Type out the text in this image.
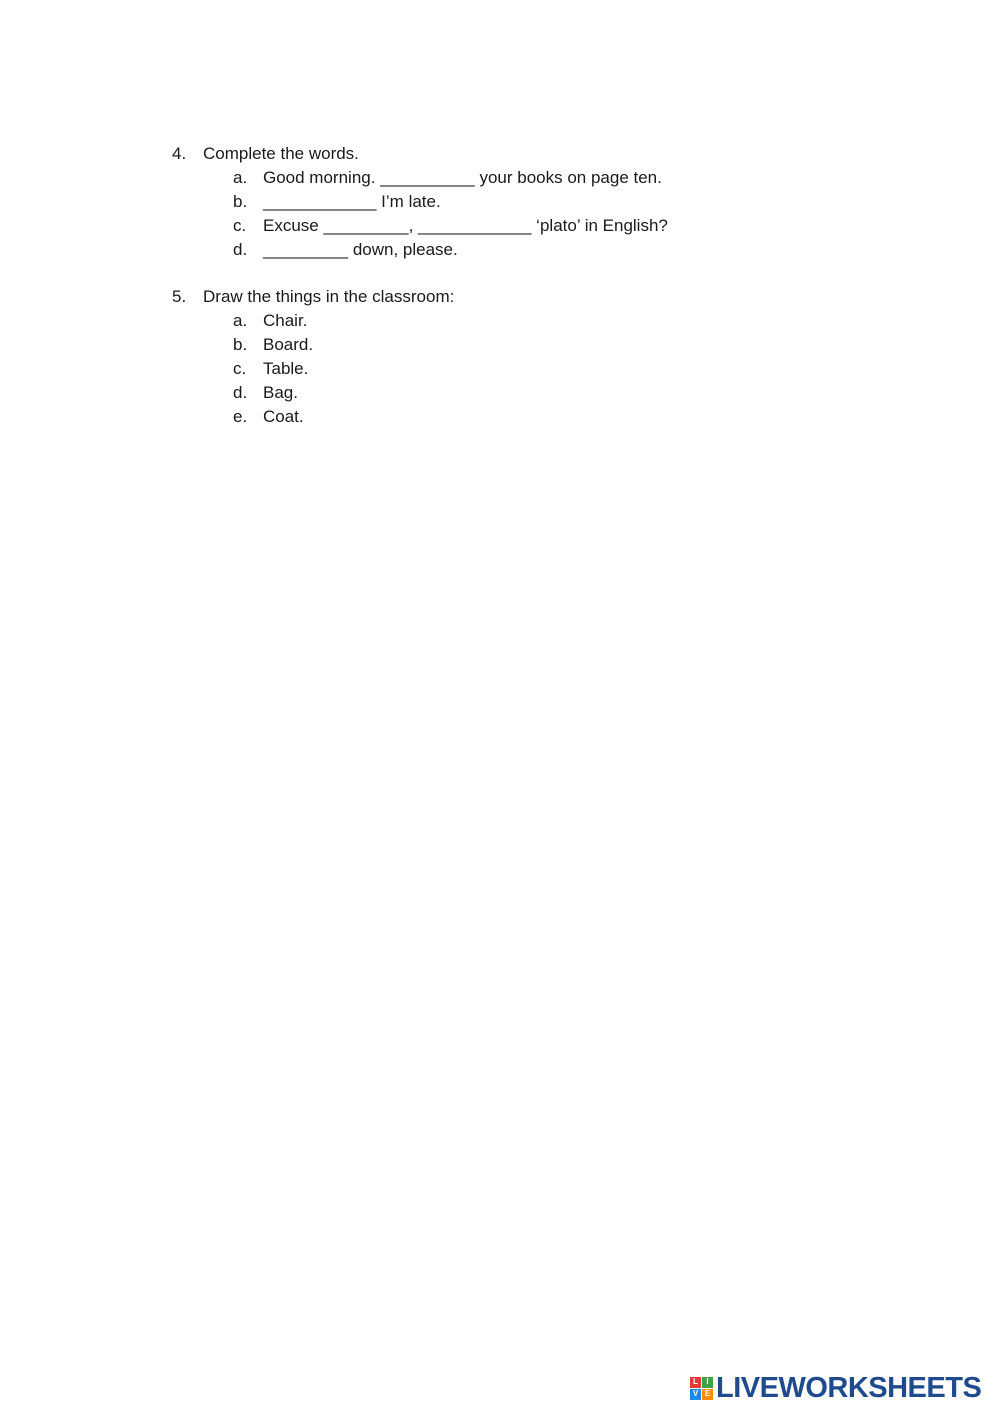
4. Complete the words.
a. Good morning. __________ your books on page ten.
b. ____________ I’m late.
c. Excuse _________, ____________ ‘plato’ in English?
d. _________ down, please.
5. Draw the things in the classroom:
a. Chair.
b. Board.
c. Table.
d. Bag.
e. Coat.
L	I
V E LIVEWORKSHEETS
